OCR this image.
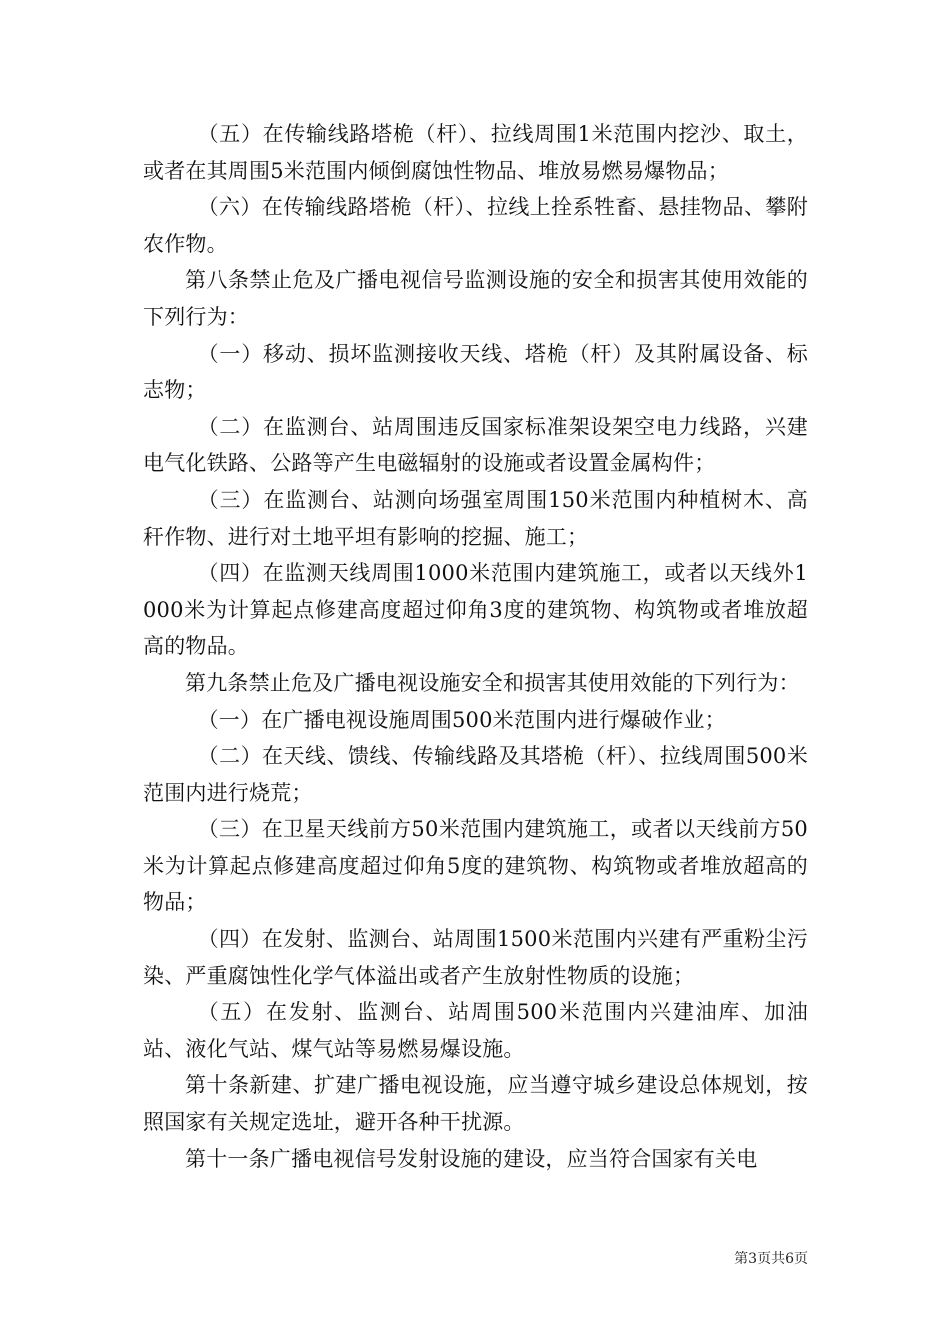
（五）在传输线路塔桅（杆）、拉线周围1米范围内挖沙、取土，或者在其周围5米范围内倾倒腐蚀性物品、堆放易燃易爆物品；

（六）在传输线路塔桅（杆）、拉线上拴系牲畜、悬挂物品、攀附农作物。

第八条禁止危及广播电视信号监测设施的安全和损害其使用效能的下列行为：

（一）移动、损坏监测接收天线、塔桅（杆）及其附属设备、标志物；

（二）在监测台、站周围违反国家标准架设架空电力线路，兴建电气化铁路、公路等产生电磁辐射的设施或者设置金属构件；

（三）在监测台、站测向场强室周围150米范围内种植树木、高秆作物、进行对土地平坦有影响的挖掘、施工；

（四）在监测天线周围1000米范围内建筑施工，或者以天线外1000米为计算起点修建高度超过仰角3度的建筑物、构筑物或者堆放超高的物品。

第九条禁止危及广播电视设施安全和损害其使用效能的下列行为：

（一）在广播电视设施周围500米范围内进行爆破作业；

（二）在天线、馈线、传输线路及其塔桅（杆）、拉线周围500米范围内进行烧荒；

（三）在卫星天线前方50米范围内建筑施工，或者以天线前方50米为计算起点修建高度超过仰角5度的建筑物、构筑物或者堆放超高的物品；

（四）在发射、监测台、站周围1500米范围内兴建有严重粉尘污染、严重腐蚀性化学气体溢出或者产生放射性物质的设施；

（五）在发射、监测台、站周围500米范围内兴建油库、加油站、液化气站、煤气站等易燃易爆设施。

第十条新建、扩建广播电视设施，应当遵守城乡建设总体规划，按照国家有关规定选址，避开各种干扰源。

第十一条广播电视信号发射设施的建设，应当符合国家有关电

第3页共6页
